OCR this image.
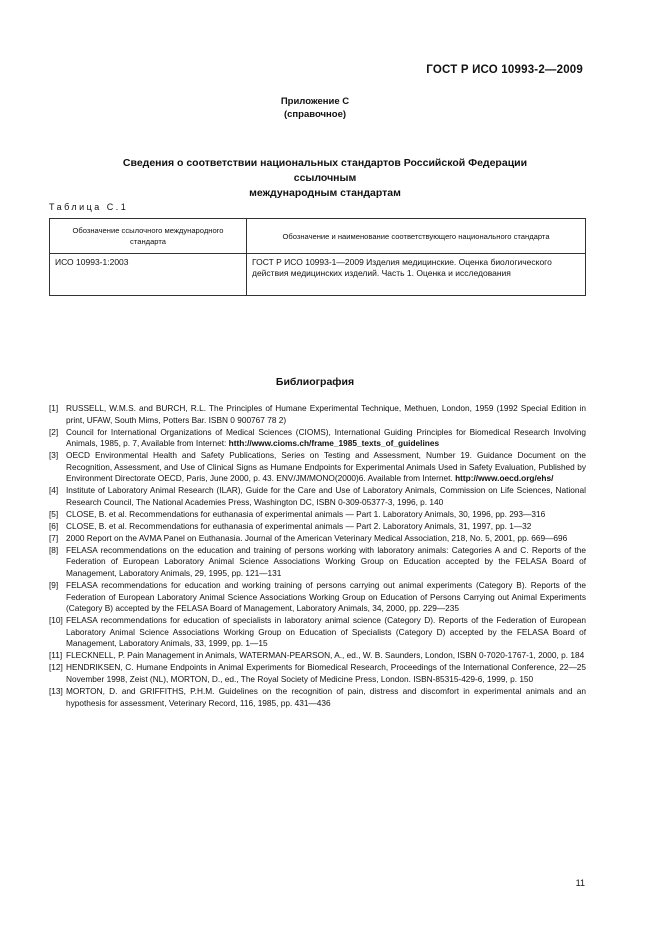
ГОСТ Р ИСО 10993-2—2009
Приложение С
(справочное)
Сведения о соответствии национальных стандартов Российской Федерации ссылочным
международным стандартам
Таблица С.1
Обозначение ссылочного международного стандарта	Обозначение и наименование соответствующего национального стандарта
ИСО 10993-1:2003	ГОСТ Р ИСО 10993-1—2009 Изделия медицинские. Оценка биологического действия медицинских изделий. Часть 1. Оценка и исследования
Библиография
[1] RUSSELL, W.M.S. and BURCH, R.L. The Principles of Humane Experimental Technique, Methuen, London, 1959 (1992 Special Edition in print, UFAW, South Mims, Potters Bar. ISBN 0 900767 78 2)
[2] Council for International Organizations of Medical Sciences (CIOMS), International Guiding Principles for Biomedical Research Involving Animals, 1985, p. 7, Available from Internet: htth://www.cioms.ch/frame_1985_texts_of_guidelines
[3] OECD Environmental Health and Safety Publications, Series on Testing and Assessment, Number 19. Guidance Document on the Recognition, Assessment, and Use of Clinical Signs as Humane Endpoints for Experimental Animals Used in Safety Evaluation, Published by Environment Directorate OECD, Paris, June 2000, p. 43. ENV/JM/MONO(2000)6. Available from Internet. http://www.oecd.org/ehs/
[4] Institute of Laboratory Animal Research (ILAR), Guide for the Care and Use of Laboratory Animals, Commission on Life Sciences, National Research Council, The National Academies Press, Washington DC, ISBN 0-309-05377-3, 1996, p. 140
[5] CLOSE, B. et al. Recommendations for euthanasia of experimental animals — Part 1. Laboratory Animals, 30, 1996, pp. 293—316
[6] CLOSE, B. et al. Recommendations for euthanasia of experimental animals — Part 2. Laboratory Animals, 31, 1997, pp. 1—32
[7] 2000 Report on the AVMA Panel on Euthanasia. Journal of the American Veterinary Medical Association, 218, No. 5, 2001, pp. 669—696
[8] FELASA recommendations on the education and training of persons working with laboratory animals: Categories A and C. Reports of the Federation of European Laboratory Animal Science Associations Working Group on Education accepted by the FELASA Board of Management, Laboratory Animals, 29, 1995, pp. 121—131
[9] FELASA recommendations for education and working training of persons carrying out animal experiments (Category B). Reports of the Federation of European Laboratory Animal Science Associations Working Group on Education of Persons Carrying out Animal Experiments (Category B) accepted by the FELASA Board of Management, Laboratory Animals, 34, 2000, pp. 229—235
[10] FELASA recommendations for education of specialists in laboratory animal science (Category D). Reports of the Federation of European Laboratory Animal Science Associations Working Group on Education of Specialists (Category D) accepted by the FELASA Board of Management, Laboratory Animals, 33, 1999, pp. 1—15
[11] FLECKNELL, P. Pain Management in Animals, WATERMAN-PEARSON, A., ed., W. B. Saunders, London, ISBN 0-7020-1767-1, 2000, p. 184
[12] HENDRIKSEN, C. Humane Endpoints in Animal Experiments for Biomedical Research, Proceedings of the International Conference, 22—25 November 1998, Zeist (NL), MORTON, D., ed., The Royal Society of Medicine Press, London. ISBN-85315-429-6, 1999, p. 150
[13] MORTON, D. and GRIFFITHS, P.H.M. Guidelines on the recognition of pain, distress and discomfort in experimental animals and an hypothesis for assessment, Veterinary Record, 116, 1985, pp. 431—436
11
